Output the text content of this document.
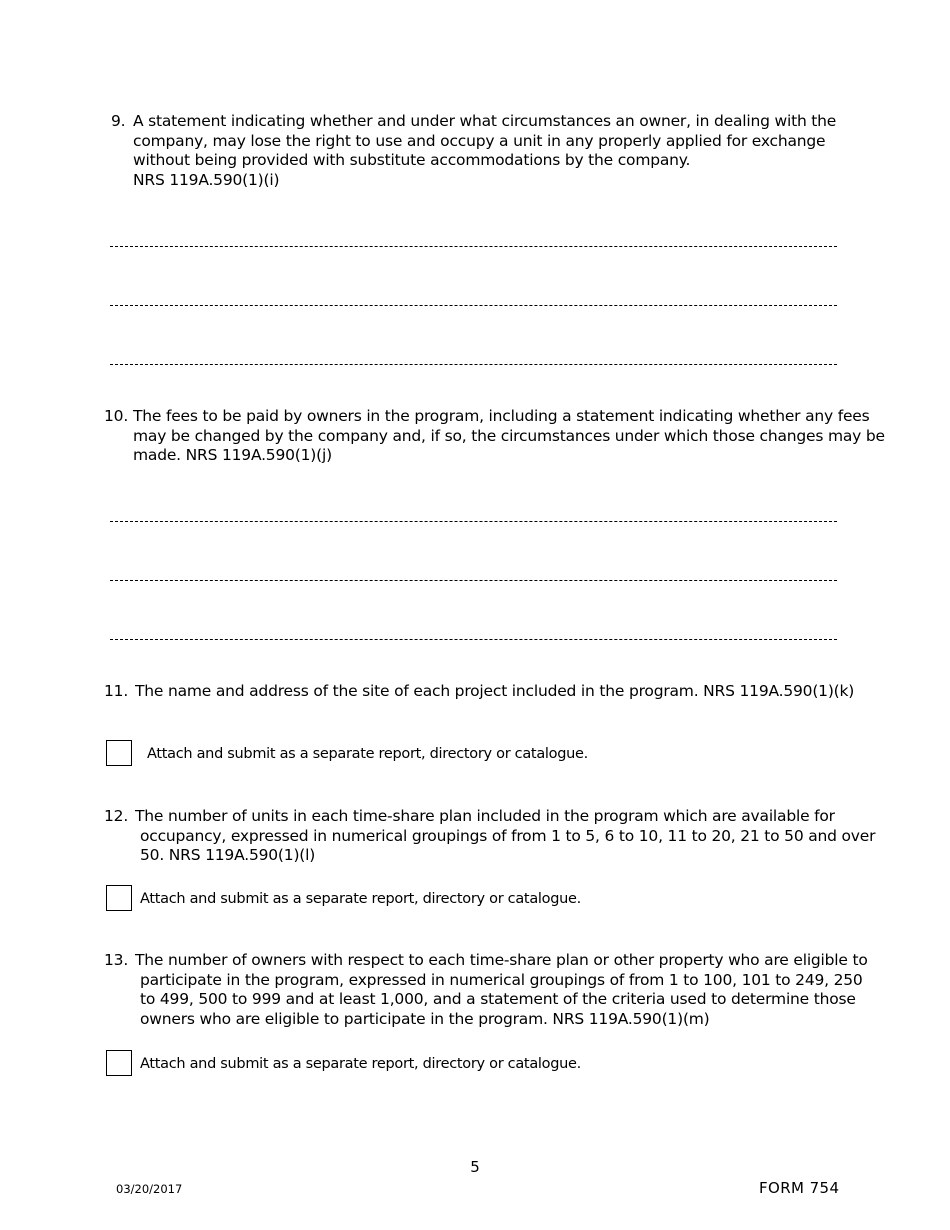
9. A statement indicating whether and under what circumstances an owner, in dealing with the

company, may lose the right to use and occupy a unit in any properly applied for exchange

without being provided with substitute accommodations by the company.

NRS 119A.590(1)(i)

10. The fees to be paid by owners in the program, including a statement indicating whether any fees

may be changed by the company and, if so, the circumstances under which those changes may be

made. NRS 119A.590(1)(j)

11. The name and address of the site of each project included in the program. NRS 119A.590(1)(k)

Attach and submit as a separate report, directory or catalogue.
12. The number of units in each time-share plan included in the program which are available for

occupancy, expressed in numerical groupings of from 1 to 5, 6 to 10, 11 to 20, 21 to 50 and over

50. NRS 119A.590(1)(l)

Attach and submit as a separate report, directory or catalogue.
13. The number of owners with respect to each time-share plan or other property who are eligible to

participate in the program, expressed in numerical groupings of from 1 to 100, 101 to 249, 250

to 499, 500 to 999 and at least 1,000, and a statement of the criteria used to determine those

owners who are eligible to participate in the program. NRS 119A.590(1)(m)

Attach and submit as a separate report, directory or catalogue.
5
03/20/2017	FORM 754
